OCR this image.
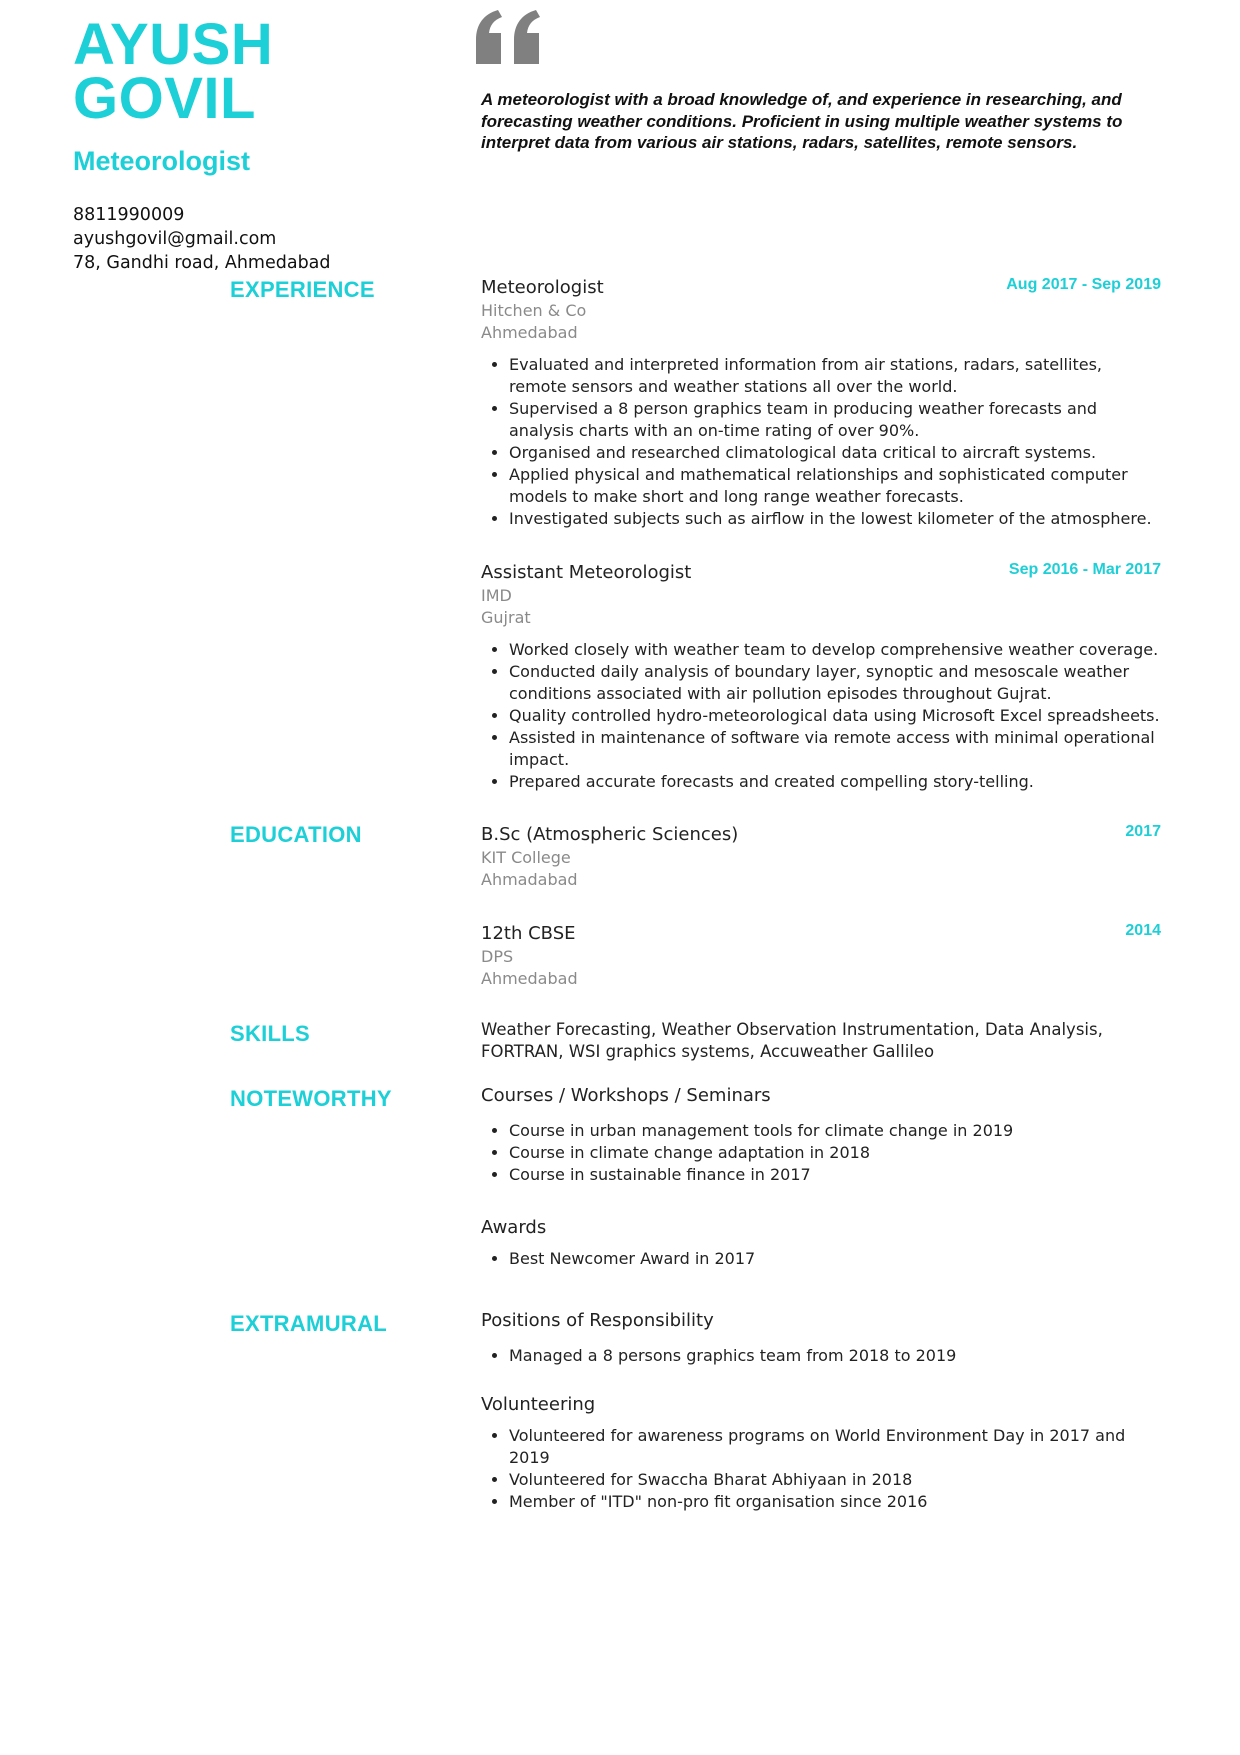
AYUSH
GOVIL
Meteorologist
8811990009
ayushgovil@gmail.com
78, Gandhi road, Ahmedabad

A meteorologist with a broad knowledge of, and experience in researching, and forecasting weather conditions. Proficient in using multiple weather systems to interpret data from various air stations, radars, satellites, remote sensors.

EXPERIENCE	Meteorologist	Aug 2017 - Sep 2019
Hitchen & Co
Ahmedabad
• Evaluated and interpreted information from air stations, radars, satellites, remote sensors and weather stations all over the world.
• Supervised a 8 person graphics team in producing weather forecasts and analysis charts with an on-time rating of over 90%.
• Organised and researched climatological data critical to aircraft systems.
• Applied physical and mathematical relationships and sophisticated computer models to make short and long range weather forecasts.
• Investigated subjects such as airflow in the lowest kilometer of the atmosphere.
Assistant Meteorologist	Sep 2016 - Mar 2017
IMD
Gujrat
• Worked closely with weather team to develop comprehensive weather coverage.
• Conducted daily analysis of boundary layer, synoptic and mesoscale weather conditions associated with air pollution episodes throughout Gujrat.
• Quality controlled hydro-meteorological data using Microsoft Excel spreadsheets.
• Assisted in maintenance of software via remote access with minimal operational impact.
• Prepared accurate forecasts and created compelling story-telling.
EDUCATION	B.Sc (Atmospheric Sciences)	2017
KIT College
Ahmadabad
12th CBSE	2014
DPS
Ahmedabad
SKILLS	Weather Forecasting, Weather Observation Instrumentation, Data Analysis, FORTRAN, WSI graphics systems, Accuweather Gallileo

NOTEWORTHY	Courses / Workshops / Seminars
• Course in urban management tools for climate change in 2019
• Course in climate change adaptation in 2018
• Course in sustainable finance in 2017
Awards
• Best Newcomer Award in 2017
EXTRAMURAL	Positions of Responsibility
• Managed a 8 persons graphics team from 2018 to 2019
Volunteering
• Volunteered for awareness programs on World Environment Day in 2017 and 2019
• Volunteered for Swaccha Bharat Abhiyaan in 2018
• Member of "ITD" non-pro fit organisation since 2016
